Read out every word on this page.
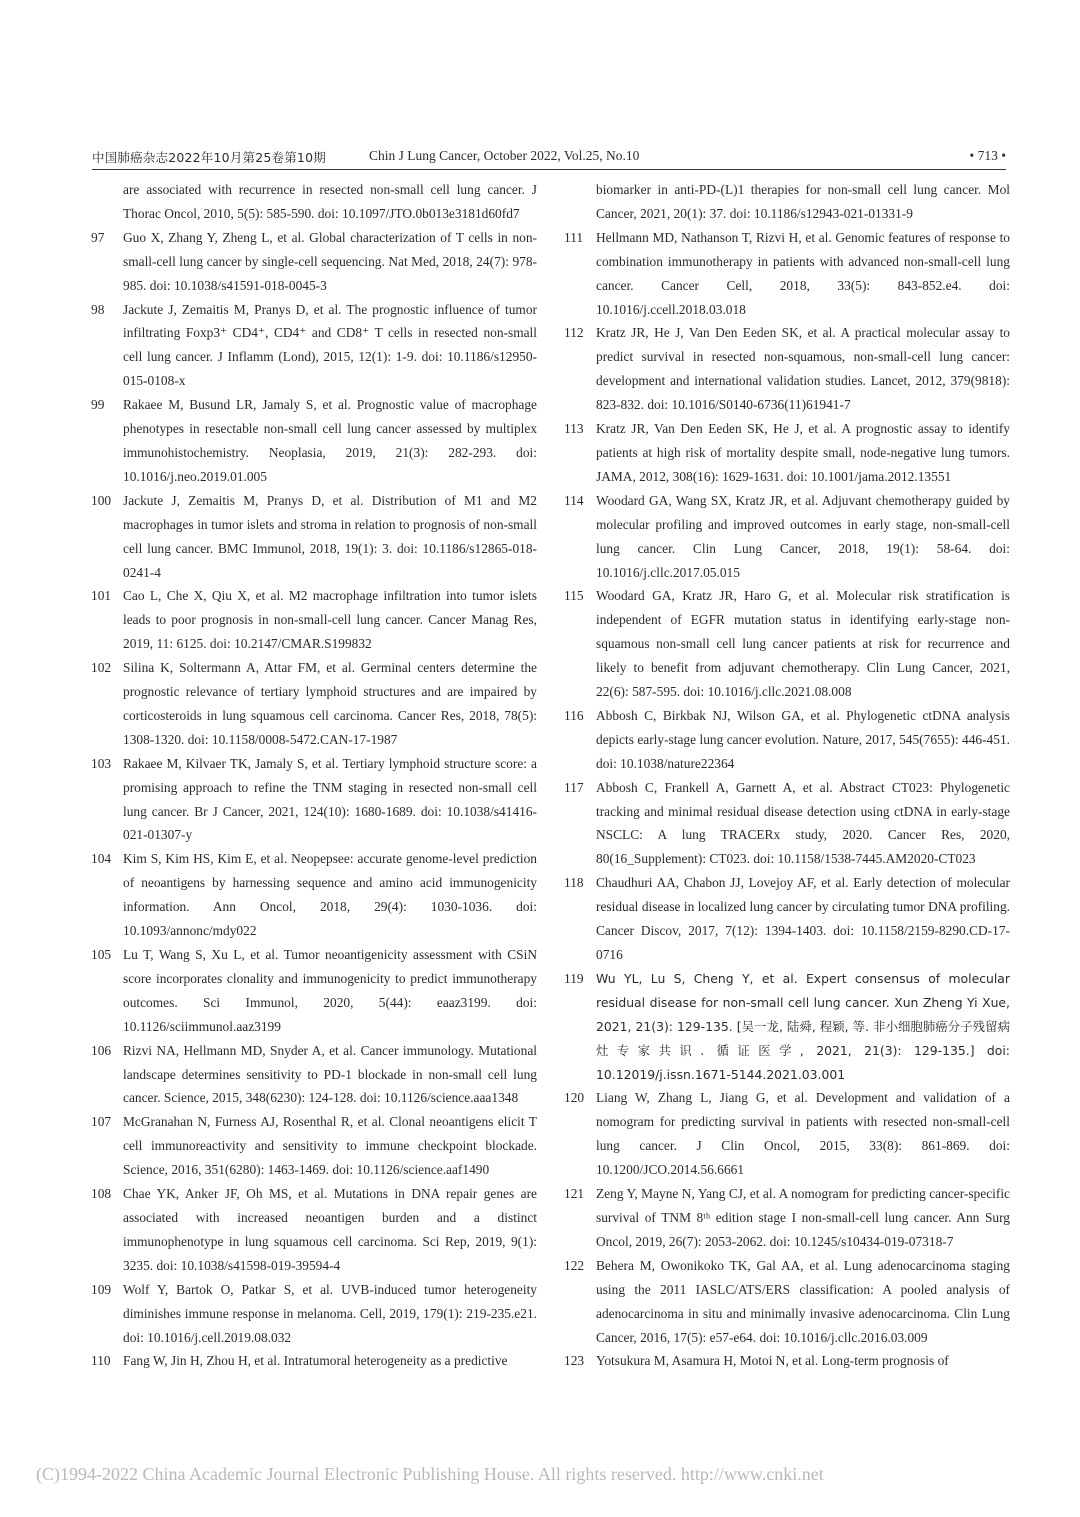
中国肺癌杂志2022年10月第25卷第10期	Chin J Lung Cancer, October 2022, Vol.25, No.10	• 713 •
are associated with recurrence in resected non-small cell lung cancer. J Thorac Oncol, 2010, 5(5): 585-590. doi: 10.1097/JTO.0b013e3181d60fd7
97 Guo X, Zhang Y, Zheng L, et al. Global characterization of T cells in non-small-cell lung cancer by single-cell sequencing. Nat Med, 2018, 24(7): 978-985. doi: 10.1038/s41591-018-0045-3
98 Jackute J, Zemaitis M, Pranys D, et al. The prognostic influence of tumor infiltrating Foxp3⁺ CD4⁺, CD4⁺ and CD8⁺ T cells in resected non-small cell lung cancer. J Inflamm (Lond), 2015, 12(1): 1-9. doi: 10.1186/s12950-015-0108-x
99 Rakaee M, Busund LR, Jamaly S, et al. Prognostic value of macrophage phenotypes in resectable non-small cell lung cancer assessed by multiplex immunohistochemistry. Neoplasia, 2019, 21(3): 282-293. doi: 10.1016/j.neo.2019.01.005
100 Jackute J, Zemaitis M, Pranys D, et al. Distribution of M1 and M2 macrophages in tumor islets and stroma in relation to prognosis of non-small cell lung cancer. BMC Immunol, 2018, 19(1): 3. doi: 10.1186/s12865-018-0241-4
101 Cao L, Che X, Qiu X, et al. M2 macrophage infiltration into tumor islets leads to poor prognosis in non-small-cell lung cancer. Cancer Manag Res, 2019, 11: 6125. doi: 10.2147/CMAR.S199832
102 Silina K, Soltermann A, Attar FM, et al. Germinal centers determine the prognostic relevance of tertiary lymphoid structures and are impaired by corticosteroids in lung squamous cell carcinoma. Cancer Res, 2018, 78(5): 1308-1320. doi: 10.1158/0008-5472.CAN-17-1987
103 Rakaee M, Kilvaer TK, Jamaly S, et al. Tertiary lymphoid structure score: a promising approach to refine the TNM staging in resected non-small cell lung cancer. Br J Cancer, 2021, 124(10): 1680-1689. doi: 10.1038/s41416-021-01307-y
104 Kim S, Kim HS, Kim E, et al. Neopepsee: accurate genome-level prediction of neoantigens by harnessing sequence and amino acid immunogenicity information. Ann Oncol, 2018, 29(4): 1030-1036. doi: 10.1093/annonc/mdy022
105 Lu T, Wang S, Xu L, et al. Tumor neoantigenicity assessment with CSiN score incorporates clonality and immunogenicity to predict immunotherapy outcomes. Sci Immunol, 2020, 5(44): eaaz3199. doi: 10.1126/sciimmunol.aaz3199
106 Rizvi NA, Hellmann MD, Snyder A, et al. Cancer immunology. Mutational landscape determines sensitivity to PD-1 blockade in non-small cell lung cancer. Science, 2015, 348(6230): 124-128. doi: 10.1126/science.aaa1348
107 McGranahan N, Furness AJ, Rosenthal R, et al. Clonal neoantigens elicit T cell immunoreactivity and sensitivity to immune checkpoint blockade. Science, 2016, 351(6280): 1463-1469. doi: 10.1126/science.aaf1490
108 Chae YK, Anker JF, Oh MS, et al. Mutations in DNA repair genes are associated with increased neoantigen burden and a distinct immunophenotype in lung squamous cell carcinoma. Sci Rep, 2019, 9(1): 3235. doi: 10.1038/s41598-019-39594-4
109 Wolf Y, Bartok O, Patkar S, et al. UVB-induced tumor heterogeneity diminishes immune response in melanoma. Cell, 2019, 179(1): 219-235.e21. doi: 10.1016/j.cell.2019.08.032
110 Fang W, Jin H, Zhou H, et al. Intratumoral heterogeneity as a predictive
biomarker in anti-PD-(L)1 therapies for non-small cell lung cancer. Mol Cancer, 2021, 20(1): 37. doi: 10.1186/s12943-021-01331-9
111 Hellmann MD, Nathanson T, Rizvi H, et al. Genomic features of response to combination immunotherapy in patients with advanced non-small-cell lung cancer. Cancer Cell, 2018, 33(5): 843-852.e4. doi: 10.1016/j.ccell.2018.03.018
112 Kratz JR, He J, Van Den Eeden SK, et al. A practical molecular assay to predict survival in resected non-squamous, non-small-cell lung cancer: development and international validation studies. Lancet, 2012, 379(9818): 823-832. doi: 10.1016/S0140-6736(11)61941-7
113 Kratz JR, Van Den Eeden SK, He J, et al. A prognostic assay to identify patients at high risk of mortality despite small, node-negative lung tumors. JAMA, 2012, 308(16): 1629-1631. doi: 10.1001/jama.2012.13551
114 Woodard GA, Wang SX, Kratz JR, et al. Adjuvant chemotherapy guided by molecular profiling and improved outcomes in early stage, non-small-cell lung cancer. Clin Lung Cancer, 2018, 19(1): 58-64. doi: 10.1016/j.cllc.2017.05.015
115 Woodard GA, Kratz JR, Haro G, et al. Molecular risk stratification is independent of EGFR mutation status in identifying early-stage non-squamous non-small cell lung cancer patients at risk for recurrence and likely to benefit from adjuvant chemotherapy. Clin Lung Cancer, 2021, 22(6): 587-595. doi: 10.1016/j.cllc.2021.08.008
116 Abbosh C, Birkbak NJ, Wilson GA, et al. Phylogenetic ctDNA analysis depicts early-stage lung cancer evolution. Nature, 2017, 545(7655): 446-451. doi: 10.1038/nature22364
117 Abbosh C, Frankell A, Garnett A, et al. Abstract CT023: Phylogenetic tracking and minimal residual disease detection using ctDNA in early-stage NSCLC: A lung TRACERx study, 2020. Cancer Res, 2020, 80(16_Supplement): CT023. doi: 10.1158/1538-7445.AM2020-CT023
118 Chaudhuri AA, Chabon JJ, Lovejoy AF, et al. Early detection of molecular residual disease in localized lung cancer by circulating tumor DNA profiling. Cancer Discov, 2017, 7(12): 1394-1403. doi: 10.1158/2159-8290.CD-17-0716
119 Wu YL, Lu S, Cheng Y, et al. Expert consensus of molecular residual disease for non-small cell lung cancer. Xun Zheng Yi Xue, 2021, 21(3): 129-135. [吴一龙, 陆舜, 程颖, 等. 非小细胞肺癌分子残留病灶专家共识. 循证医学, 2021, 21(3): 129-135.] doi: 10.12019/j.issn.1671-5144.2021.03.001
120 Liang W, Zhang L, Jiang G, et al. Development and validation of a nomogram for predicting survival in patients with resected non-small-cell lung cancer. J Clin Oncol, 2015, 33(8): 861-869. doi: 10.1200/JCO.2014.56.6661
121 Zeng Y, Mayne N, Yang CJ, et al. A nomogram for predicting cancer-specific survival of TNM 8ᵗʰ edition stage I non-small-cell lung cancer. Ann Surg Oncol, 2019, 26(7): 2053-2062. doi: 10.1245/s10434-019-07318-7
122 Behera M, Owonikoko TK, Gal AA, et al. Lung adenocarcinoma staging using the 2011 IASLC/ATS/ERS classification: A pooled analysis of adenocarcinoma in situ and minimally invasive adenocarcinoma. Clin Lung Cancer, 2016, 17(5): e57-e64. doi: 10.1016/j.cllc.2016.03.009
123 Yotsukura M, Asamura H, Motoi N, et al. Long-term prognosis of
(C)1994-2022 China Academic Journal Electronic Publishing House. All rights reserved. http://www.cnki.net
